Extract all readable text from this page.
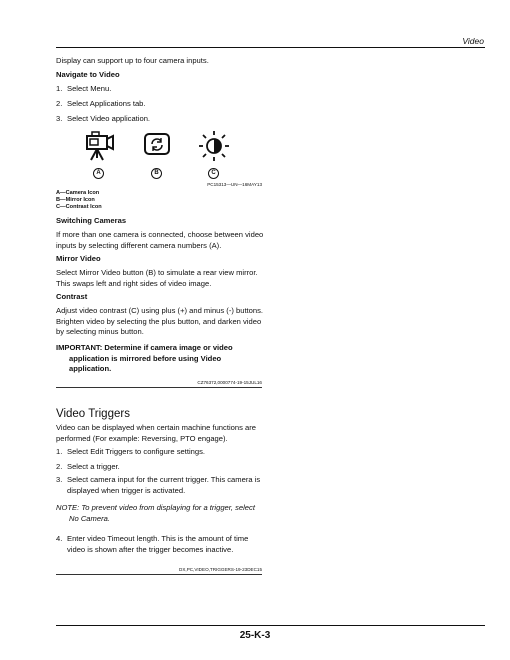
Video
Display can support up to four camera inputs.
Navigate to Video
1. Select Menu.
2. Select Applications tab.
3. Select Video application.
A	B	C
PC15313—UN—16MAY13
A—Camera Icon
B—Mirror Icon
C—Contrast Icon
Switching Cameras
If more than one camera is connected, choose between video inputs by selecting different camera numbers (A).
Mirror Video
Select Mirror Video button (B) to simulate a rear view mirror. This swaps left and right sides of video image.
Contrast
Adjust video contrast (C) using plus (+) and minus (-) buttons. Brighten video by selecting the plus button, and darken video by selecting minus button.
IMPORTANT: Determine if camera image or video application is mirrored before using Video application.
CZ76372,0000774-19-15JUL16
Video Triggers
Video can be displayed when certain machine functions are performed (For example: Reversing, PTO engage).
1. Select Edit Triggers to configure settings.
2. Select a trigger.
3. Select camera input for the current trigger. This camera is displayed when trigger is activated.
NOTE: To prevent video from displaying for a trigger, select No Camera.
4. Enter video Timeout length. This is the amount of time video is shown after the trigger becomes inactive.
DX,PC,VIDEO,TRIGGERS-19-23DEC15
25-K-3
